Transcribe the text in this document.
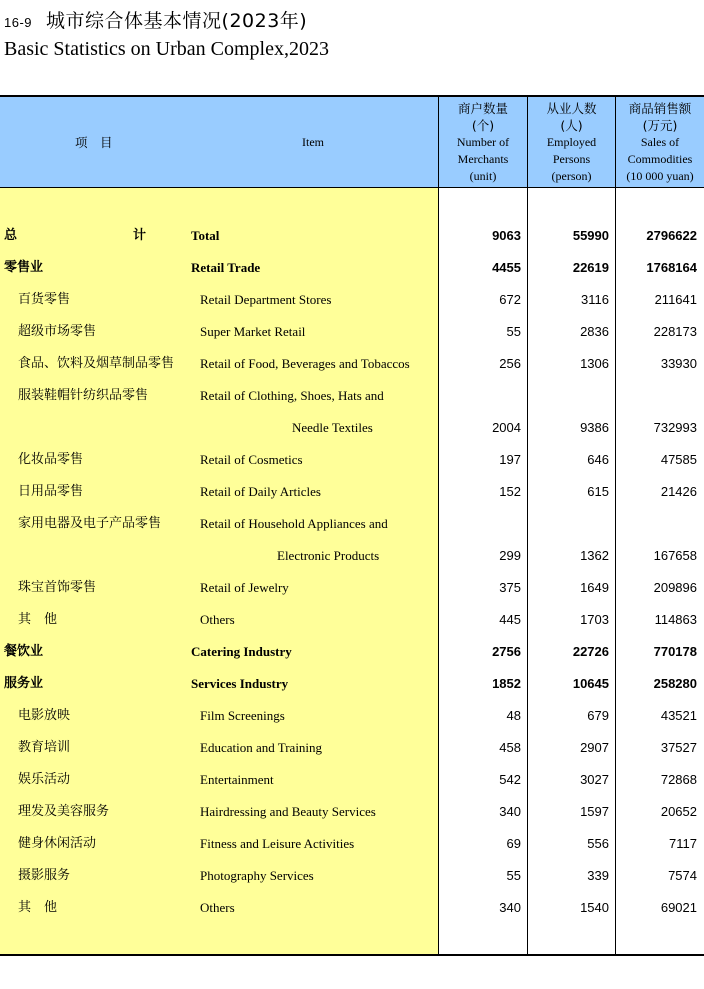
16-9 城市综合体基本情况(2023年)
Basic Statistics on Urban Complex,2023
项　目	Item
商户数量
(个)
Number of
Merchants
(unit)
从业人数
(人)
Employed
Persons
(person)
商品销售额
(万元)
Sales of
Commodities
(10 000 yuan)
总　　计 Total	9063	55990	2796622
零售业	Retail Trade	4455	22619	1768164
百货零售	Retail Department Stores	672	3116	211641
超级市场零售	Super Market Retail	55	2836	228173
食品、饮料及烟草制品零售 Retail of Food, Beverages and Tobaccos	256	1306	33930
服装鞋帽针纺织品零售	Retail of Clothing, Shoes, Hats and
Needle Textiles	2004	9386	732993
化妆品零售	Retail of Cosmetics	197	646	47585
日用品零售	Retail of Daily Articles	152	615	21426
家用电器及电子产品零售	Retail of Household Appliances and
Electronic Products	299	1362	167658
珠宝首饰零售	Retail of Jewelry	375	1649	209896
其　他	Others	445	1703	114863
餐饮业	Catering Industry	2756	22726	770178
服务业	Services Industry	1852	10645	258280
电影放映	Film Screenings	48	679	43521
教育培训	Education and Training	458	2907	37527
娱乐活动	Entertainment	542	3027	72868
理发及美容服务	Hairdressing and Beauty Services	340	1597	20652
健身休闲活动	Fitness and Leisure Activities	69	556	7117
摄影服务	Photography Services	55	339	7574
其　他	Others	340	1540	69021
